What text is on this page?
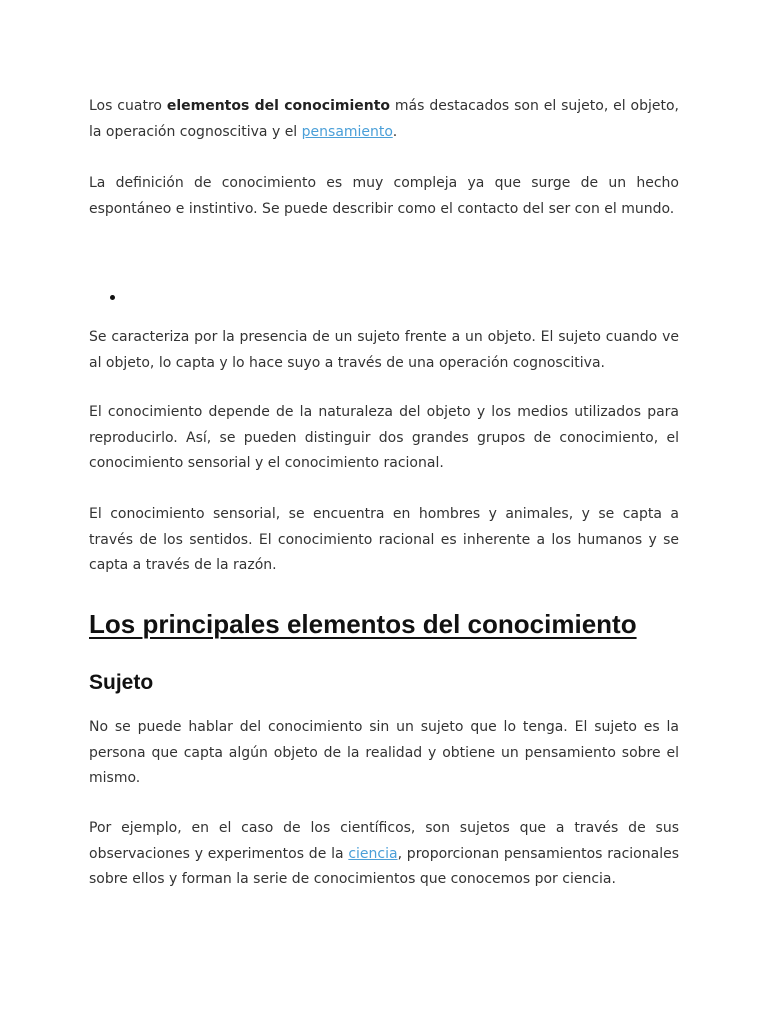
Los cuatro elementos del conocimiento más destacados son el sujeto, el objeto, la operación cognoscitiva y el pensamiento.

La definición de conocimiento es muy compleja ya que surge de un hecho espontáneo e instintivo. Se puede describir como el contacto del ser con el mundo.

Se caracteriza por la presencia de un sujeto frente a un objeto. El sujeto cuando ve al objeto, lo capta y lo hace suyo a través de una operación cognoscitiva.

El conocimiento depende de la naturaleza del objeto y los medios utilizados para reproducirlo. Así, se pueden distinguir dos grandes grupos de conocimiento, el conocimiento sensorial y el conocimiento racional.

El conocimiento sensorial, se encuentra en hombres y animales, y se capta a través de los sentidos. El conocimiento racional es inherente a los humanos y se capta a través de la razón.

Los principales elementos del conocimiento
Sujeto

No se puede hablar del conocimiento sin un sujeto que lo tenga. El sujeto es la persona que capta algún objeto de la realidad y obtiene un pensamiento sobre el mismo.

Por ejemplo, en el caso de los científicos, son sujetos que a través de sus observaciones y experimentos de la ciencia, proporcionan pensamientos racionales sobre ellos y forman la serie de conocimientos que conocemos por ciencia.
